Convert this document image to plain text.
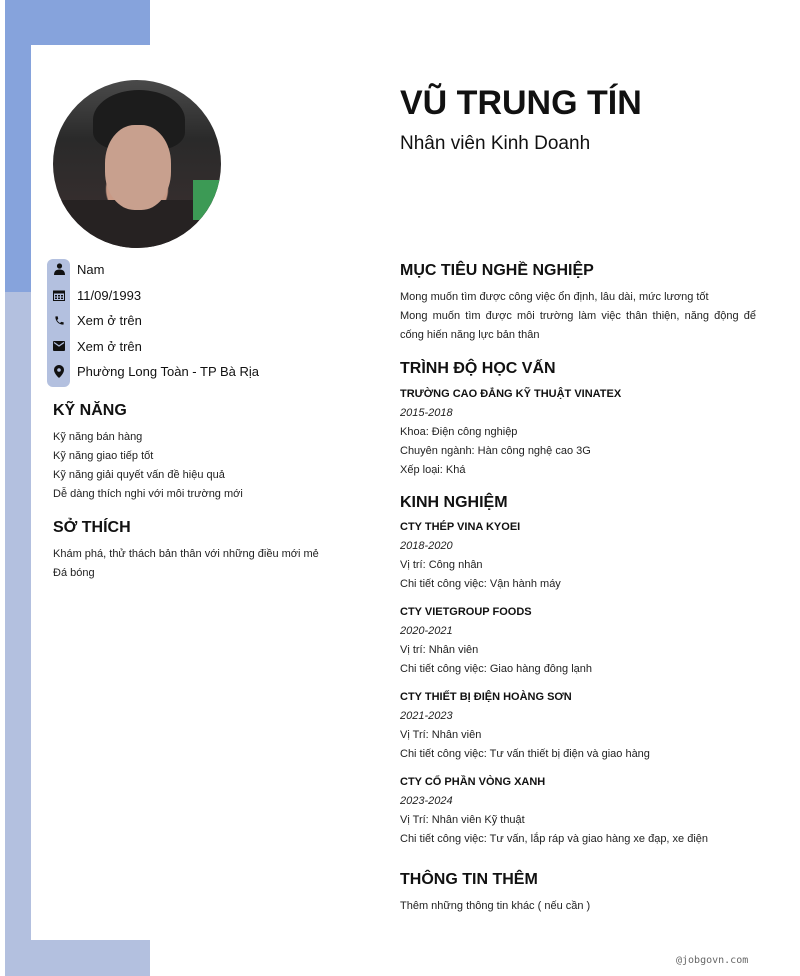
Nam
11/09/1993
Xem ở trên
Xem ở trên
Phường Long Toàn - TP Bà Rịa
KỸ NĂNG
Kỹ năng bán hàng
Kỹ năng giao tiếp tốt
Kỹ năng giải quyết vấn đề hiệu quả
Dễ dàng thích nghi với môi trường mới
SỞ THÍCH
Khám phá, thử thách bản thân với những điều mới mẻ
Đá bóng
VŨ TRUNG TÍN
Nhân viên Kinh Doanh
MỤC TIÊU NGHỀ NGHIỆP
Mong muốn tìm được công việc ổn định, lâu dài, mức lương tốt
Mong muốn tìm được môi trường làm việc thân thiện, năng động để cống hiến năng lực bản thân
TRÌNH ĐỘ HỌC VẤN
TRƯỜNG CAO ĐẲNG KỸ THUẬT VINATEX
2015-2018
Khoa: Điện công nghiệp
Chuyên ngành: Hàn công nghệ cao 3G
Xếp loại: Khá
KINH NGHIỆM
CTY THÉP VINA KYOEI
2018-2020
Vị trí: Công nhân
Chi tiết công việc: Vận hành máy
CTY VIETGROUP FOODS
2020-2021
Vị trí: Nhân viên
Chi tiết công việc: Giao hàng đông lạnh
CTY THIẾT BỊ ĐIỆN HOÀNG SƠN
2021-2023
Vị Trí: Nhân viên
Chi tiết công việc: Tư vấn thiết bị điện và giao hàng
CTY CỔ PHẦN VÒNG XANH
2023-2024
Vị Trí: Nhân viên Kỹ thuật
Chi tiết công việc: Tư vấn, lắp ráp và giao hàng xe đạp, xe điện
THÔNG TIN THÊM
Thêm những thông tin khác ( nếu cần )
@jobgovn.com
